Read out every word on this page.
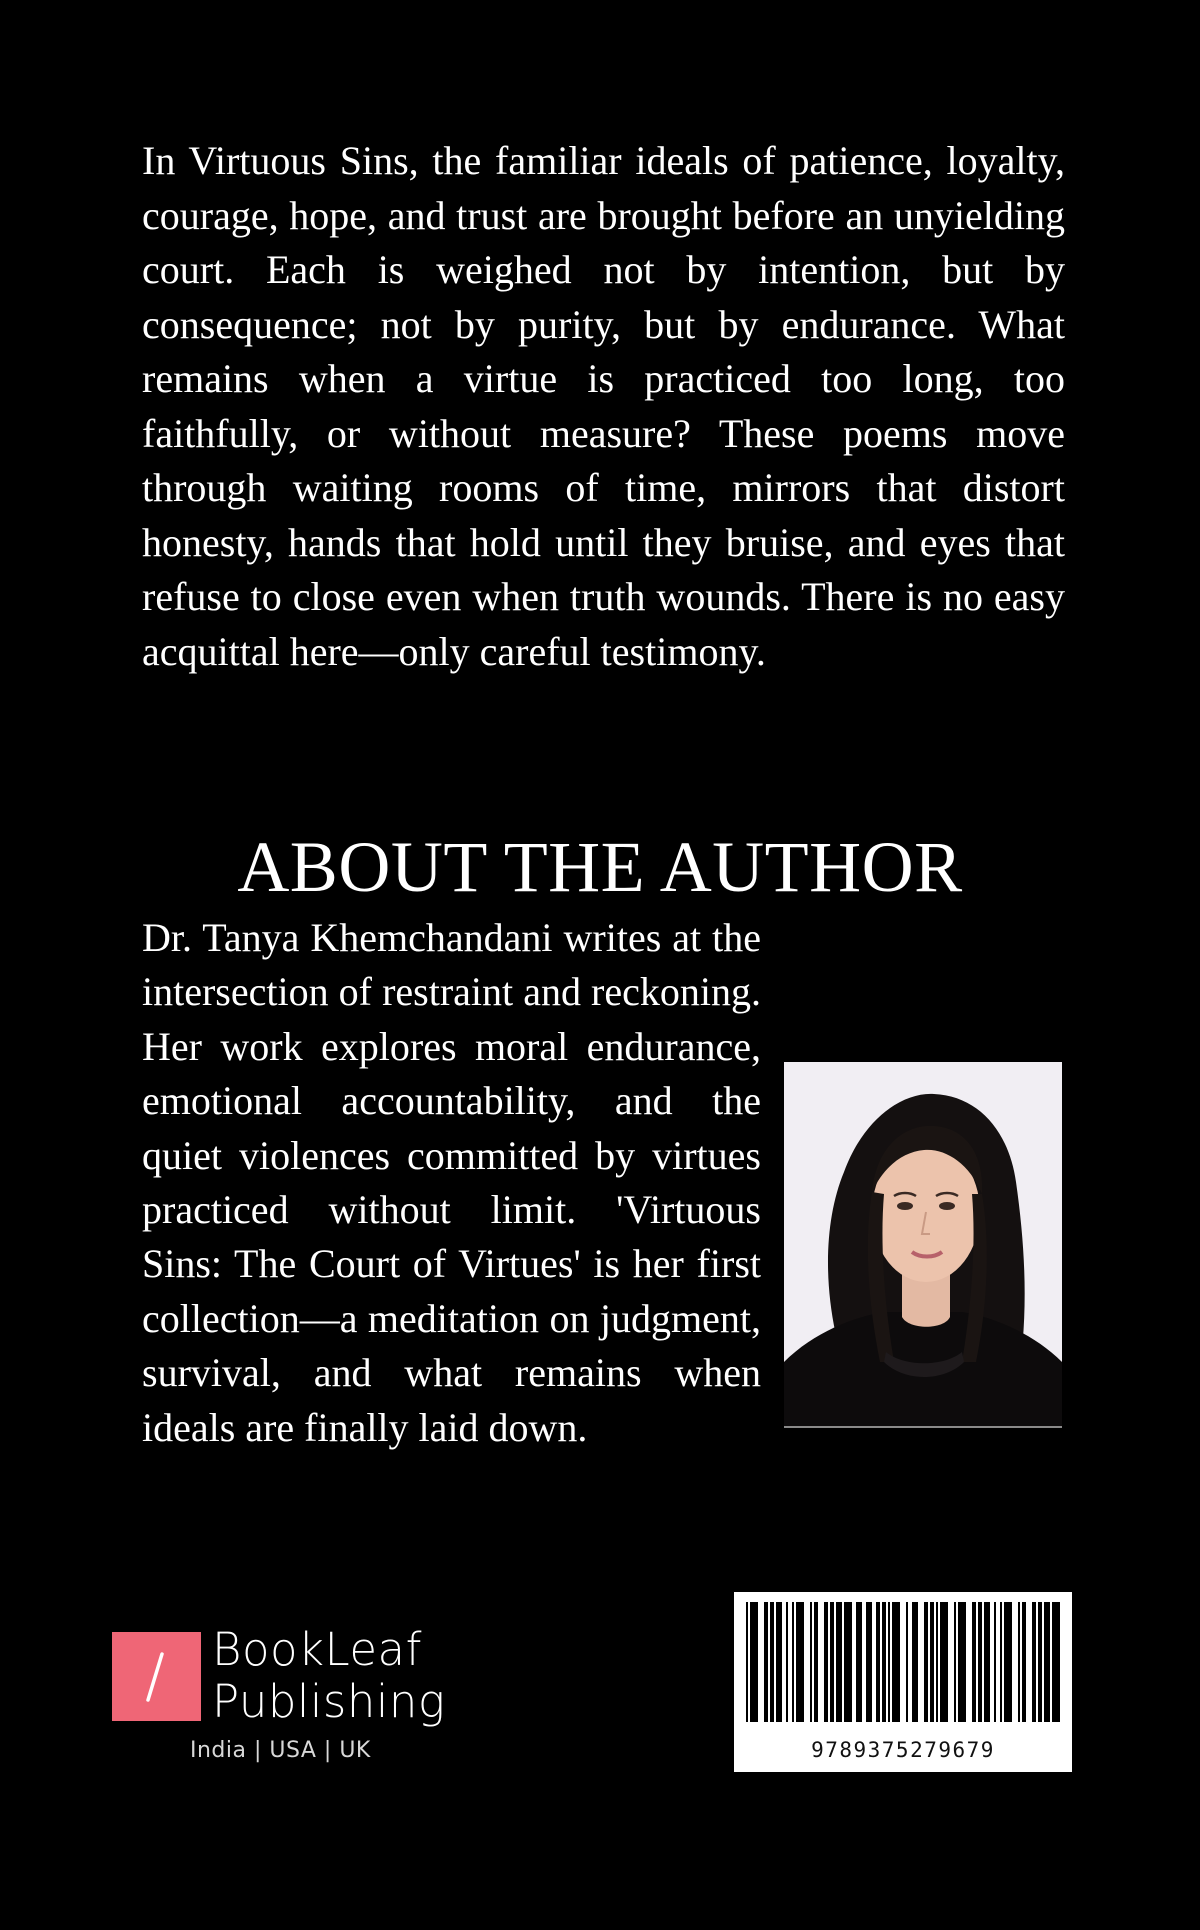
In Virtuous Sins, the familiar ideals of patience, loyalty, courage, hope, and trust are brought before an unyielding court. Each is weighed not by intention, but by consequence; not by purity, but by endurance. What remains when a virtue is practiced too long, too faithfully, or without measure? These poems move through waiting rooms of time, mirrors that distort honesty, hands that hold until they bruise, and eyes that refuse to close even when truth wounds. There is no easy acquittal here—only careful testimony.

ABOUT THE AUTHOR

Dr. Tanya Khemchandani writes at the intersection of restraint and reckoning. Her work explores moral endurance, emotional accountability, and the quiet violences committed by virtues practiced without limit. 'Virtuous Sins: The Court of Virtues' is her first collection—a meditation on judgment, survival, and what remains when ideals are finally laid down.

BookLeaf
Publishing
India | USA | UK	9789375279679
